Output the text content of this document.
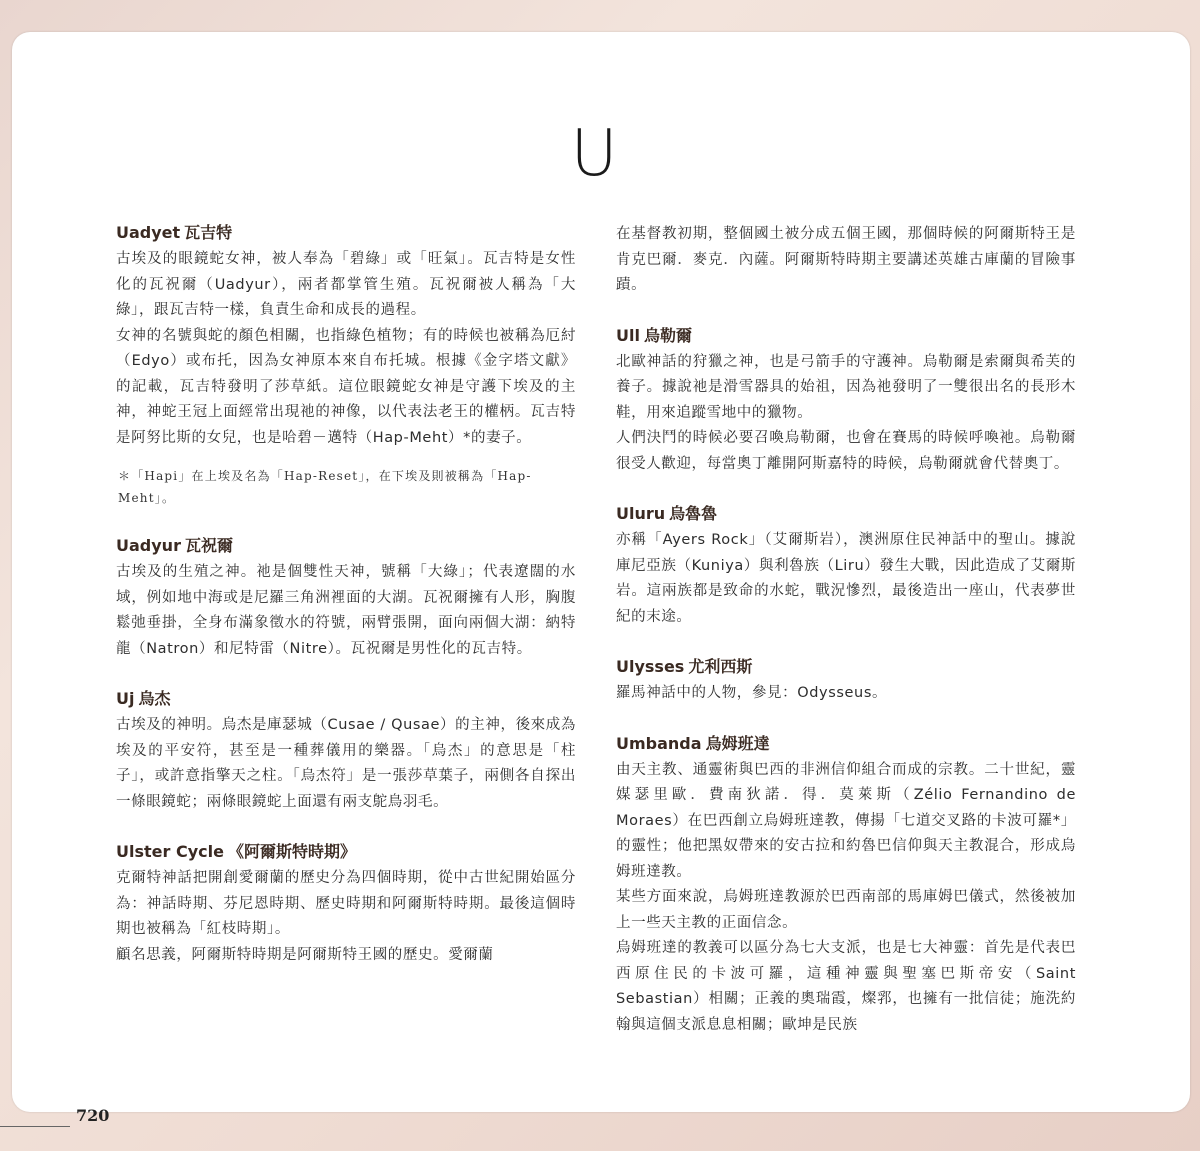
U
Uadyet 瓦吉特

古埃及的眼鏡蛇女神，被人奉為「碧綠」或「旺氣」。瓦吉特是女性化的瓦祝爾（Uadyur），兩者都掌管生殖。瓦祝爾被人稱為「大綠」，跟瓦吉特一樣，負責生命和成長的過程。

女神的名號與蛇的顏色相關，也指綠色植物；有的時候也被稱為厄紂（Edyo）或布托，因為女神原本來自布托城。根據《金字塔文獻》的記載，瓦吉特發明了莎草紙。這位眼鏡蛇女神是守護下埃及的主神，神蛇王冠上面經常出現祂的神像，以代表法老王的權柄。瓦吉特是阿努比斯的女兒，也是哈碧－邁特（Hap-Meht）*的妻子。

＊「Hapi」在上埃及名為「Hap-Reset」，在下埃及則被稱為「Hap-Meht」。

Uadyur 瓦祝爾

古埃及的生殖之神。祂是個雙性天神，號稱「大綠」；代表遼闊的水域，例如地中海或是尼羅三角洲裡面的大湖。瓦祝爾擁有人形，胸腹鬆弛垂掛，全身布滿象徵水的符號，兩臂張開，面向兩個大湖：納特龍（Natron）和尼特雷（Nitre）。瓦祝爾是男性化的瓦吉特。

Uj 烏杰

古埃及的神明。烏杰是庫瑟城（Cusae / Qusae）的主神，後來成為埃及的平安符，甚至是一種葬儀用的樂器。「烏杰」的意思是「柱子」，或許意指擎天之柱。「烏杰符」是一張莎草葉子，兩側各自探出一條眼鏡蛇；兩條眼鏡蛇上面還有兩支鴕鳥羽毛。

Ulster Cycle 《阿爾斯特時期》

克爾特神話把開創愛爾蘭的歷史分為四個時期，從中古世紀開始區分為：神話時期、芬尼恩時期、歷史時期和阿爾斯特時期。最後這個時期也被稱為「紅枝時期」。

顧名思義，阿爾斯特時期是阿爾斯特王國的歷史。愛爾蘭

在基督教初期，整個國土被分成五個王國，那個時候的阿爾斯特王是肯克巴爾．麥克．內薩。阿爾斯特時期主要講述英雄古庫蘭的冒險事蹟。

Ull 烏勒爾

北歐神話的狩獵之神，也是弓箭手的守護神。烏勒爾是索爾與希芙的養子。據說祂是滑雪器具的始祖，因為祂發明了一雙很出名的長形木鞋，用來追蹤雪地中的獵物。

人們決鬥的時候必要召喚烏勒爾，也會在賽馬的時候呼喚祂。烏勒爾很受人歡迎，每當奧丁離開阿斯嘉特的時候，烏勒爾就會代替奧丁。

Uluru 烏魯魯

亦稱「Ayers Rock」（艾爾斯岩），澳洲原住民神話中的聖山。據說庫尼亞族（Kuniya）與利魯族（Liru）發生大戰，因此造成了艾爾斯岩。這兩族都是致命的水蛇，戰況慘烈，最後造出一座山，代表夢世紀的末途。

Ulysses 尤利西斯

羅馬神話中的人物，參見：Odysseus。

Umbanda 烏姆班達

由天主教、通靈術與巴西的非洲信仰組合而成的宗教。二十世紀，靈媒瑟里歐．費南狄諾．得．莫萊斯（Zélio Fernandino de Moraes）在巴西創立烏姆班達教，傳揚「七道交叉路的卡波可羅*」的靈性；他把黑奴帶來的安古拉和約魯巴信仰與天主教混合，形成烏姆班達教。

某些方面來說，烏姆班達教源於巴西南部的馬庫姆巴儀式，然後被加上一些天主教的正面信念。

烏姆班達的教義可以區分為七大支派，也是七大神靈：首先是代表巴西原住民的卡波可羅，這種神靈與聖塞巴斯帝安（Saint Sebastian）相關；正義的奧瑞霞，燦郛，也擁有一批信徒；施洗約翰與這個支派息息相關；歐坤是民族

720
